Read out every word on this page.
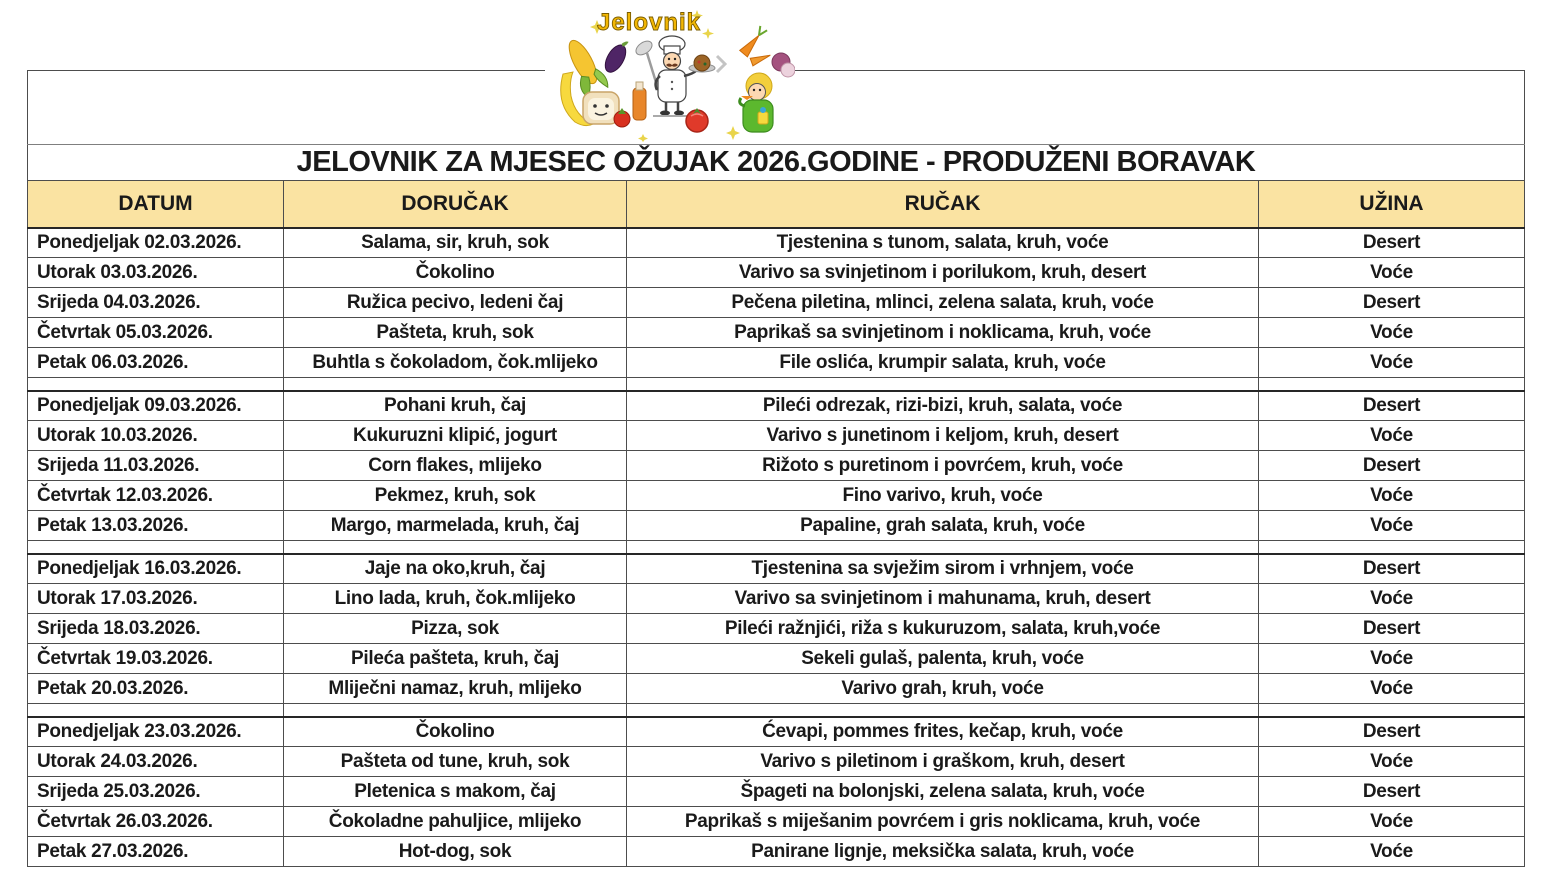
Jelovnik

JELOVNIK ZA MJESEC OŽUJAK 2026.GODINE - PRODUŽENI BORAVAK			
DATUM	DORUČAK	RUČAK	UŽINA
Ponedjeljak 02.03.2026.	Salama, sir, kruh, sok	Tjestenina s tunom, salata, kruh, voće	Desert
Utorak 03.03.2026.	Čokolino	Varivo sa svinjetinom i porilukom, kruh, desert	Voće
Srijeda 04.03.2026.	Ružica pecivo, ledeni čaj	Pečena piletina, mlinci, zelena salata, kruh, voće	Desert
Četvrtak 05.03.2026.	Pašteta, kruh, sok	Paprikaš sa svinjetinom i noklicama, kruh, voće	Voće
Petak 06.03.2026.	Buhtla s čokoladom, čok.mlijeko	File oslića, krumpir salata, kruh, voće	Voće

Ponedjeljak 09.03.2026.	Pohani kruh, čaj	Pileći odrezak, rizi-bizi, kruh, salata, voće	Desert
Utorak 10.03.2026.	Kukuruzni klipić, jogurt	Varivo s junetinom i keljom, kruh, desert	Voće
Srijeda 11.03.2026.	Corn flakes, mlijeko	Rižoto s puretinom i povrćem, kruh, voće	Desert
Četvrtak 12.03.2026.	Pekmez, kruh, sok	Fino varivo, kruh, voće	Voće
Petak 13.03.2026.	Margo, marmelada, kruh, čaj	Papaline, grah salata, kruh, voće	Voće

Ponedjeljak 16.03.2026.	Jaje na oko,kruh, čaj	Tjestenina sa svježim sirom i vrhnjem, voće	Desert
Utorak 17.03.2026.	Lino lada, kruh, čok.mlijeko	Varivo sa svinjetinom i mahunama, kruh, desert	Voće
Srijeda 18.03.2026.	Pizza, sok	Pileći ražnjići, riža s kukuruzom, salata, kruh,voće	Desert
Četvrtak 19.03.2026.	Pileća pašteta, kruh, čaj	Sekeli gulaš, palenta, kruh, voće	Voće
Petak 20.03.2026.	Mliječni namaz, kruh, mlijeko	Varivo grah, kruh, voće	Voće

Ponedjeljak 23.03.2026.	Čokolino	Ćevapi, pommes frites, kečap, kruh, voće	Desert
Utorak 24.03.2026.	Pašteta od tune, kruh, sok	Varivo s piletinom i graškom, kruh, desert	Voće
Srijeda 25.03.2026.	Pletenica s makom, čaj	Špageti na bolonjski, zelena salata, kruh, voće	Desert
Četvrtak 26.03.2026.	Čokoladne pahuljice, mlijeko	Paprikaš s miješanim povrćem i gris noklicama, kruh, voće	Voće
Petak 27.03.2026.	Hot-dog, sok	Panirane lignje, meksička salata, kruh, voće	Voće
